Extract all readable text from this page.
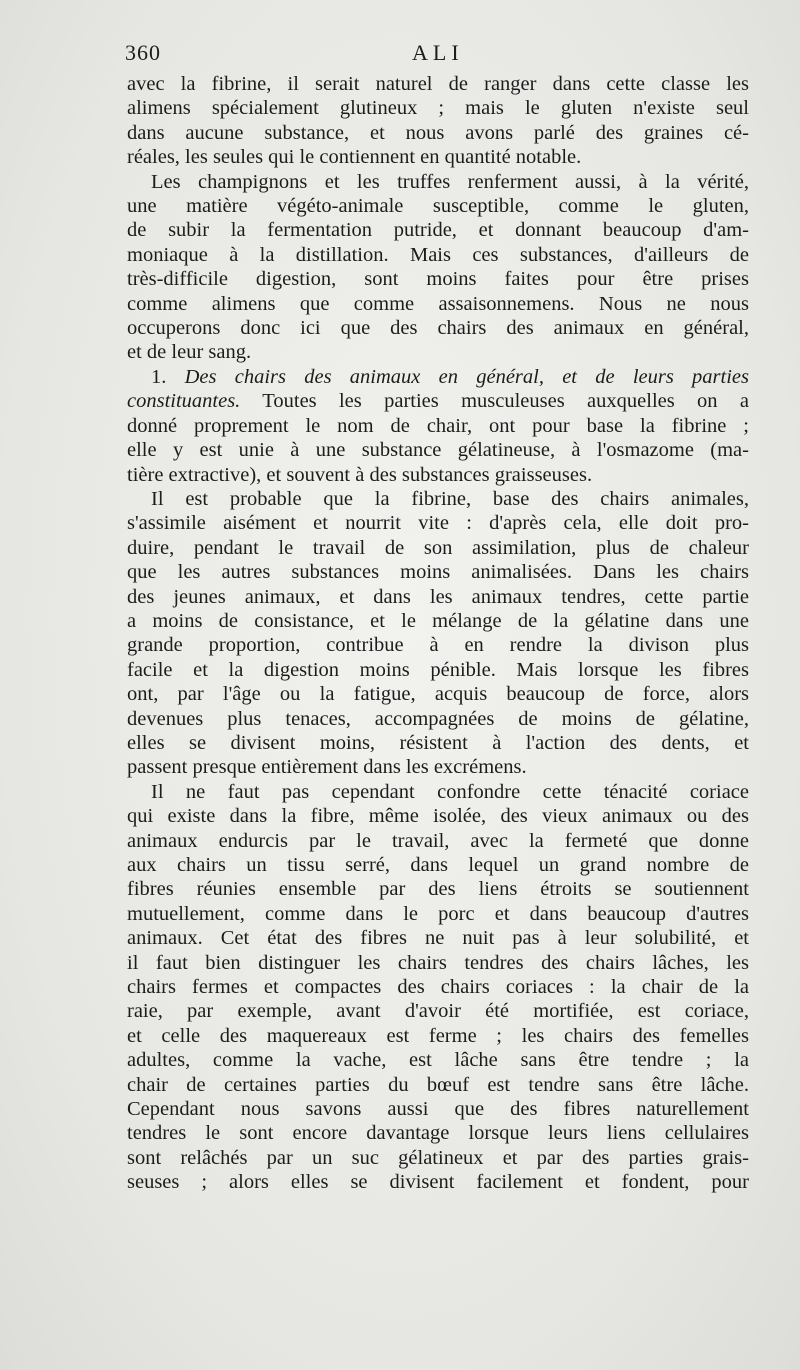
360	ALI
avec la fibrine, il serait naturel de ranger dans cette classe les
alimens spécialement glutineux ; mais le gluten n'existe seul
dans aucune substance, et nous avons parlé des graines cé-
réales, les seules qui le contiennent en quantité notable.
Les champignons et les truffes renferment aussi, à la vérité,
une matière végéto-animale susceptible, comme le gluten,
de subir la fermentation putride, et donnant beaucoup d'am-
moniaque à la distillation. Mais ces substances, d'ailleurs de
très-difficile digestion, sont moins faites pour être prises
comme alimens que comme assaisonnemens. Nous ne nous
occuperons donc ici que des chairs des animaux en général,
et de leur sang.
1. Des chairs des animaux en général, et de leurs parties
constituantes. Toutes les parties musculeuses auxquelles on a
donné proprement le nom de chair, ont pour base la fibrine ;
elle y est unie à une substance gélatineuse, à l'osmazome (ma-
tière extractive), et souvent à des substances graisseuses.
Il est probable que la fibrine, base des chairs animales,
s'assimile aisément et nourrit vite : d'après cela, elle doit pro-
duire, pendant le travail de son assimilation, plus de chaleur
que les autres substances moins animalisées. Dans les chairs
des jeunes animaux, et dans les animaux tendres, cette partie
a moins de consistance, et le mélange de la gélatine dans une
grande proportion, contribue à en rendre la divison plus
facile et la digestion moins pénible. Mais lorsque les fibres
ont, par l'âge ou la fatigue, acquis beaucoup de force, alors
devenues plus tenaces, accompagnées de moins de gélatine,
elles se divisent moins, résistent à l'action des dents, et
passent presque entièrement dans les excrémens.
Il ne faut pas cependant confondre cette ténacité coriace
qui existe dans la fibre, même isolée, des vieux animaux ou des
animaux endurcis par le travail, avec la fermeté que donne
aux chairs un tissu serré, dans lequel un grand nombre de
fibres réunies ensemble par des liens étroits se soutiennent
mutuellement, comme dans le porc et dans beaucoup d'autres
animaux. Cet état des fibres ne nuit pas à leur solubilité, et
il faut bien distinguer les chairs tendres des chairs lâches, les
chairs fermes et compactes des chairs coriaces : la chair de la
raie, par exemple, avant d'avoir été mortifiée, est coriace,
et celle des maquereaux est ferme ; les chairs des femelles
adultes, comme la vache, est lâche sans être tendre ; la
chair de certaines parties du bœuf est tendre sans être lâche.
Cependant nous savons aussi que des fibres naturellement
tendres le sont encore davantage lorsque leurs liens cellulaires
sont relâchés par un suc gélatineux et par des parties grais-
seuses ; alors elles se divisent facilement et fondent, pour
